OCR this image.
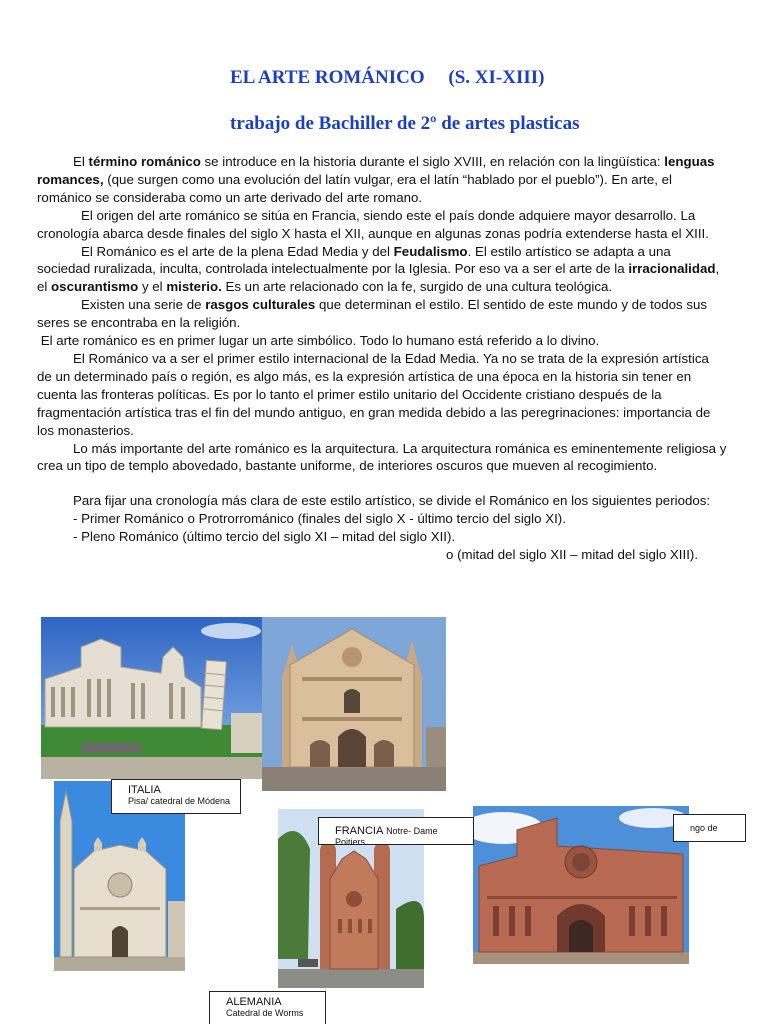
EL ARTE ROMÁNICO     (S. XI-XIII)
trabajo de Bachiller de 2º de artes plasticas

El término románico se introduce en la historia durante el siglo XVIII, en relación con la lingüística: lenguas romances, (que surgen como una evolución del latín vulgar, era el latín “hablado por el pueblo”). En arte, el románico se consideraba como un arte derivado del arte romano.

El origen del arte románico se sitúa en Francia, siendo este el país donde adquiere mayor desarrollo. La cronología abarca desde finales del siglo X hasta el XII, aunque en algunas zonas podría extenderse hasta el XIII.

El Románico es el arte de la plena Edad Media y del Feudalismo. El estilo artístico se adapta a una sociedad ruralizada, inculta, controlada intelectualmente por la Iglesia. Por eso va a ser el arte de la irracionalidad, el oscurantismo y el misterio. Es un arte relacionado con la fe, surgido de una cultura teológica.

Existen una serie de rasgos culturales que determinan el estilo. El sentido de este mundo y de todos sus seres se encontraba en la religión.

El arte románico es en primer lugar un arte simbólico. Todo lo humano está referido a lo divino.

El Románico va a ser el primer estilo internacional de la Edad Media. Ya no se trata de la expresión artística de un determinado país o región, es algo más, es la expresión artística de una época en la historia sin tener en cuenta las fronteras políticas. Es por lo tanto el primer estilo unitario del Occidente cristiano después de la fragmentación artística tras el fin del mundo antiguo, en gran medida debido a las peregrinaciones: importancia de los monasterios.

Lo más importante del arte románico es la arquitectura. La arquitectura románica es eminentemente religiosa y crea un tipo de templo abovedado, bastante uniforme, de interiores oscuros que mueven al recogimiento.

Para fijar una cronología más clara de este estilo artístico, se divide el Románico en los siguientes periodos:

- Primer Románico o Protrorrománico (finales del siglo X - último tercio del siglo XI).

- Pleno Románico (último tercio del siglo XI – mitad del siglo XII).

o (mitad del siglo XII – mitad del siglo XIII).

ITALIA
Pisa/ catedral de Módena
FRANCIA Notre- Dame Poitiers
ngo de
ALEMANIA
Catedral de Worms
